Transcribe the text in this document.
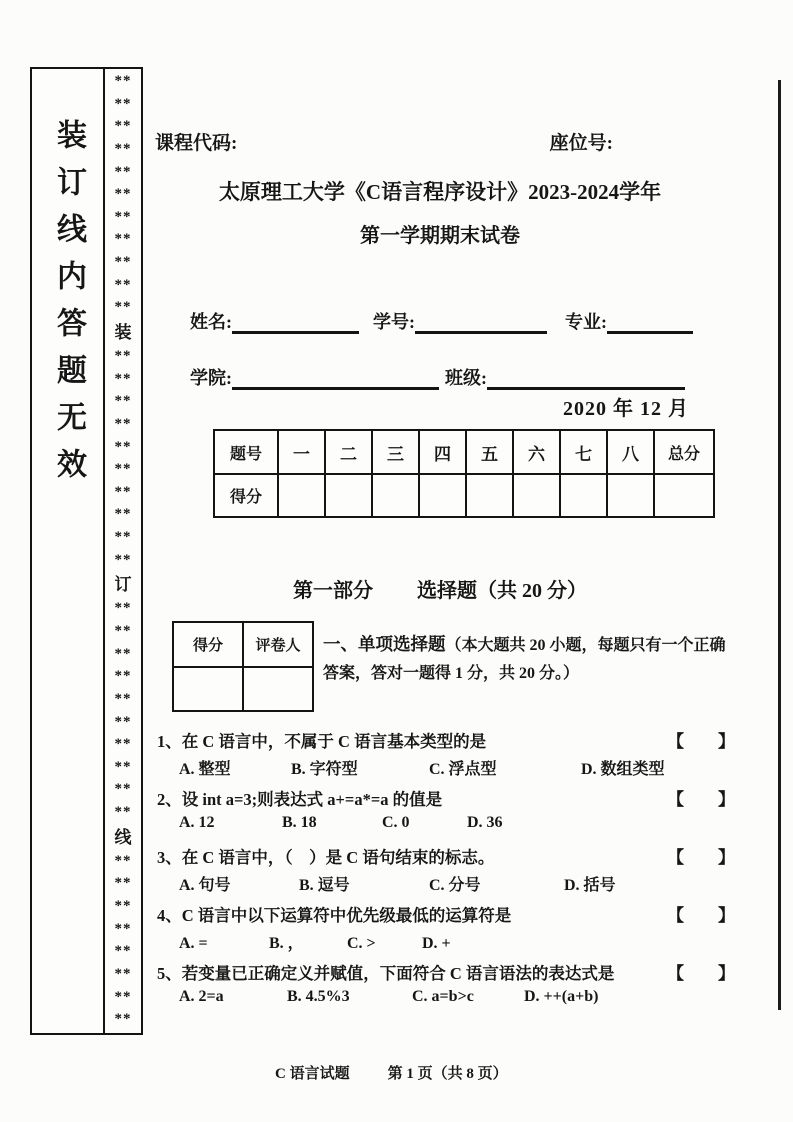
装订线内答题无效
**
**
**
**
**
**
**
**
**
**
**
装
**
**
**
**
**
**
**
**
**
**
订
**
**
**
**
**
**
**
**
**
**
线
**
**
**
**
**
**
**
**
课程代码:	座位号:
太原理工大学《C语言程序设计》2023-2024学年
第一学期期末试卷
姓名:	学号:	专业:
学院:	班级:
2020 年 12 月
题号	一	二	三	四	五	六	七	八	总分
得分									
第一部分 选择题（共 20 分）
得分	评卷人
	一、单项选择题（本大题共 20 小题，每题只有一个正确答案，答对一题得 1 分，共 20 分。）
1、在 C 语言中，不属于 C 语言基本类型的是	【　　】
A. 整型	B. 字符型	C. 浮点型	D. 数组类型
2、设 int a=3;则表达式 a+=a*=a 的值是	【　　】
A. 12	B. 18	C. 0	D. 36
3、在 C 语言中，（　）是 C 语句结束的标志。	【　　】
A. 句号	B. 逗号	C. 分号	D. 括号
4、C 语言中以下运算符中优先级最低的运算符是	【　　】
A. =	B. ，	C. >	D. +
5、若变量已正确定义并赋值，下面符合 C 语言语法的表达式是	【　　】
A. 2=a	B. 4.5%3	C. a=b>c	D. ++(a+b)
C 语言试题	第 1 页（共 8 页）
